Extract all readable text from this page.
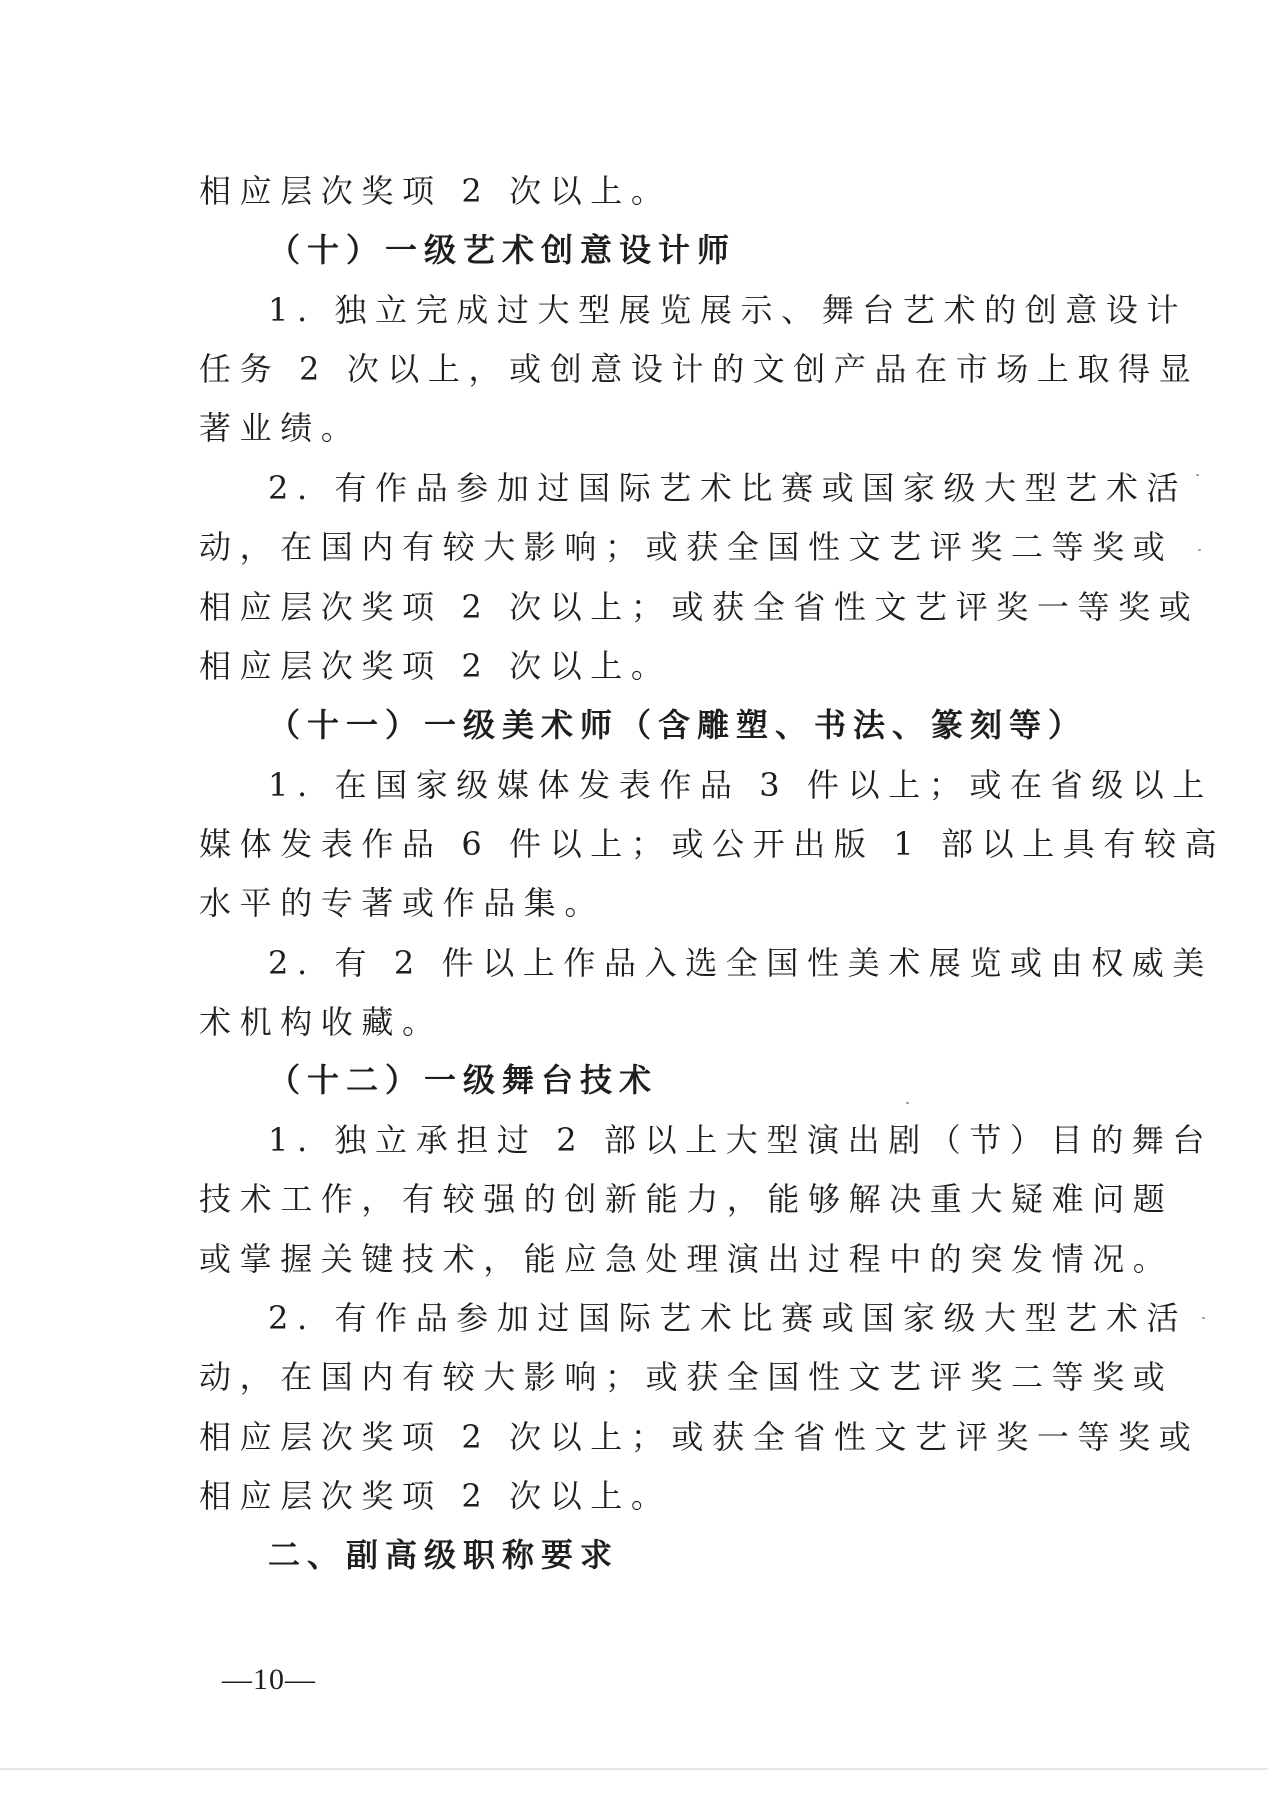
相应层次奖项 2 次以上。
（十）一级艺术创意设计师
1. 独立完成过大型展览展示、舞台艺术的创意设计
任务 2 次以上，或创意设计的文创产品在市场上取得显
著业绩。
2. 有作品参加过国际艺术比赛或国家级大型艺术活
动，在国内有较大影响；或获全国性文艺评奖二等奖或
相应层次奖项 2 次以上；或获全省性文艺评奖一等奖或
相应层次奖项 2 次以上。
（十一）一级美术师（含雕塑、书法、篆刻等）
1. 在国家级媒体发表作品 3 件以上；或在省级以上
媒体发表作品 6 件以上；或公开出版 1 部以上具有较高
水平的专著或作品集。
2. 有 2 件以上作品入选全国性美术展览或由权威美
术机构收藏。
（十二）一级舞台技术
1. 独立承担过 2 部以上大型演出剧（节）目的舞台
技术工作，有较强的创新能力，能够解决重大疑难问题
或掌握关键技术，能应急处理演出过程中的突发情况。
2. 有作品参加过国际艺术比赛或国家级大型艺术活
动，在国内有较大影响；或获全国性文艺评奖二等奖或
相应层次奖项 2 次以上；或获全省性文艺评奖一等奖或
相应层次奖项 2 次以上。
二、副高级职称要求
—10—
